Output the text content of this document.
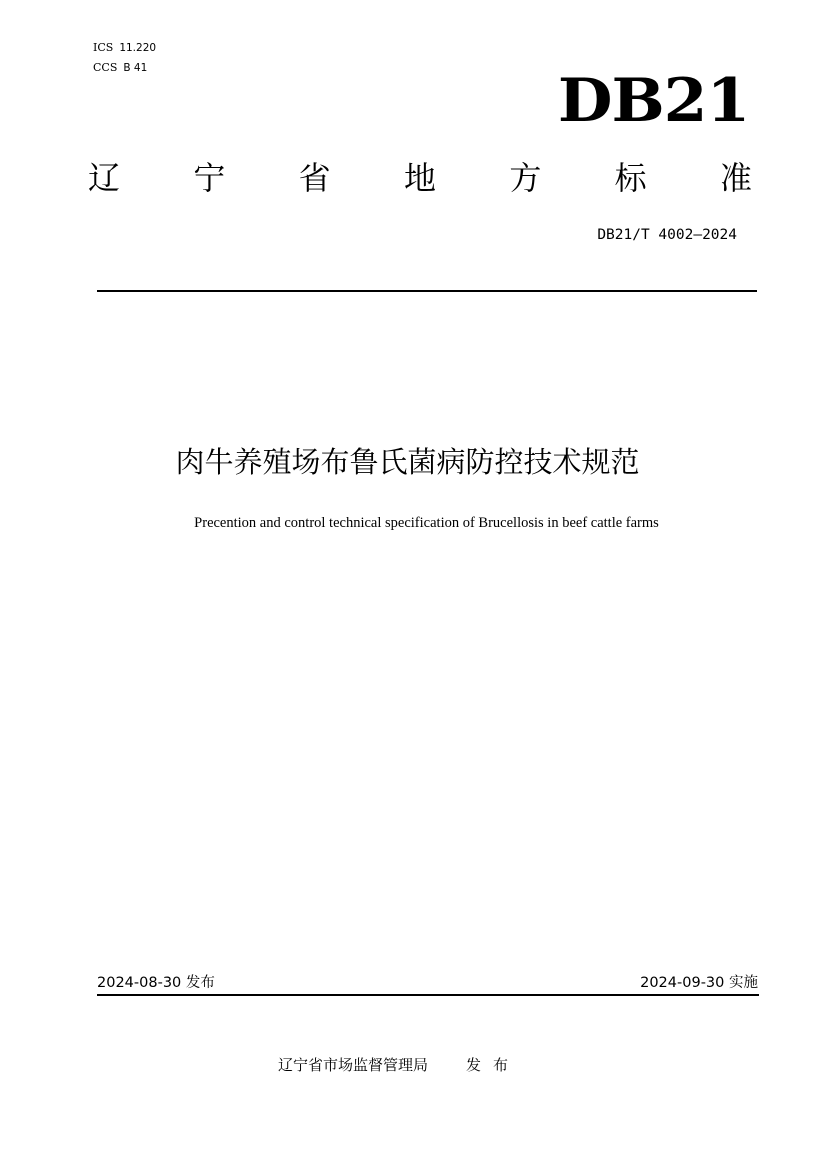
ICS 11.220
CCS B 41	DB21
辽 宁 省 地 方 标 准
DB21/T 4002—2024
肉牛养殖场布鲁氏菌病防控技术规范
Precention and control technical specification of Brucellosis in beef cattle farms
2024-08-30 发布	2024-09-30 实施
辽宁省市场监督管理局	发布
